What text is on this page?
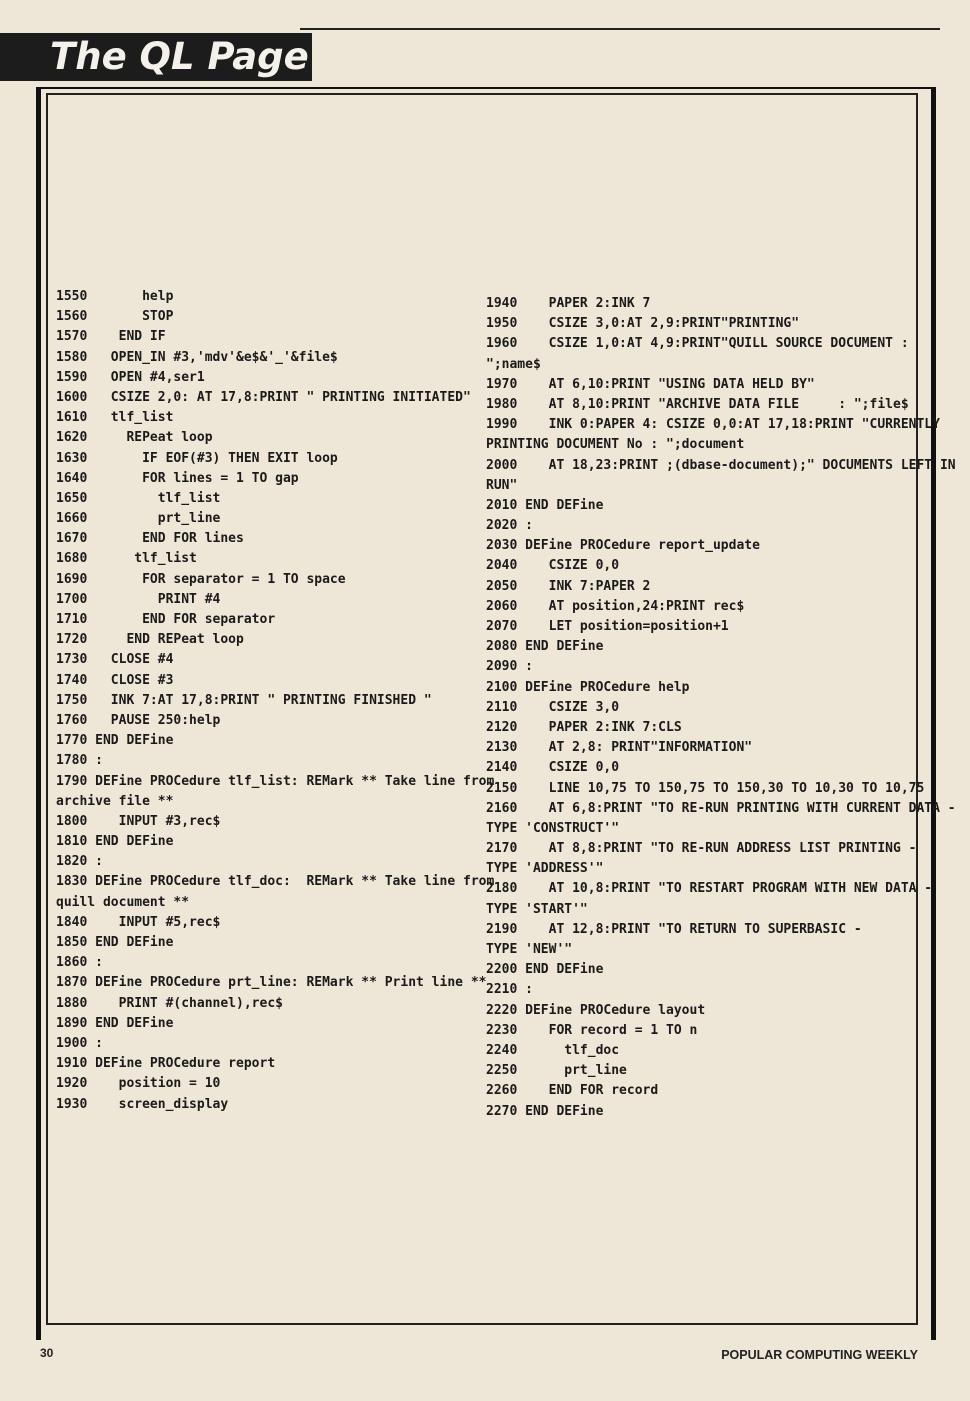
The QL Page
1550       help
1560       STOP
1570    END IF
1580   OPEN_IN #3,'mdv'&e$&'_'&file$
1590   OPEN #4,ser1
1600   CSIZE 2,0: AT 17,8:PRINT " PRINTING INITIATED"
1610   tlf_list
1620     REPeat loop
1630       IF EOF(#3) THEN EXIT loop
1640       FOR lines = 1 TO gap
1650         tlf_list
1660         prt_line
1670       END FOR lines
1680      tlf_list
1690       FOR separator = 1 TO space
1700         PRINT #4
1710       END FOR separator
1720     END REPeat loop
1730   CLOSE #4
1740   CLOSE #3
1750   INK 7:AT 17,8:PRINT " PRINTING FINISHED "
1760   PAUSE 250:help
1770 END DEFine
1780 :
1790 DEFine PROCedure tlf_list: REMark ** Take line from
archive file **
1800    INPUT #3,rec$
1810 END DEFine
1820 :
1830 DEFine PROCedure tlf_doc:  REMark ** Take line from
quill document **
1840    INPUT #5,rec$
1850 END DEFine
1860 :
1870 DEFine PROCedure prt_line: REMark ** Print line **
1880    PRINT #(channel),rec$
1890 END DEFine
1900 :
1910 DEFine PROCedure report
1920    position = 10
1930    screen_display
1940    PAPER 2:INK 7
1950    CSIZE 3,0:AT 2,9:PRINT"PRINTING"
1960    CSIZE 1,0:AT 4,9:PRINT"QUILL SOURCE DOCUMENT :
";name$
1970    AT 6,10:PRINT "USING DATA HELD BY"
1980    AT 8,10:PRINT "ARCHIVE DATA FILE     : ";file$
1990    INK 0:PAPER 4: CSIZE 0,0:AT 17,18:PRINT "CURRENTLY
PRINTING DOCUMENT No : ";document
2000    AT 18,23:PRINT ;(dbase-document);" DOCUMENTS LEFT IN
RUN"
2010 END DEFine
2020 :
2030 DEFine PROCedure report_update
2040    CSIZE 0,0
2050    INK 7:PAPER 2
2060    AT position,24:PRINT rec$
2070    LET position=position+1
2080 END DEFine
2090 :
2100 DEFine PROCedure help
2110    CSIZE 3,0
2120    PAPER 2:INK 7:CLS
2130    AT 2,8: PRINT"INFORMATION"
2140    CSIZE 0,0
2150    LINE 10,75 TO 150,75 TO 150,30 TO 10,30 TO 10,75
2160    AT 6,8:PRINT "TO RE-RUN PRINTING WITH CURRENT DATA -
TYPE 'CONSTRUCT'"
2170    AT 8,8:PRINT "TO RE-RUN ADDRESS LIST PRINTING -
TYPE 'ADDRESS'"
2180    AT 10,8:PRINT "TO RESTART PROGRAM WITH NEW DATA -
TYPE 'START'"
2190    AT 12,8:PRINT "TO RETURN TO SUPERBASIC -
TYPE 'NEW'"
2200 END DEFine
2210 :
2220 DEFine PROCedure layout
2230    FOR record = 1 TO n
2240      tlf_doc
2250      prt_line
2260    END FOR record
2270 END DEFine
30	POPULAR COMPUTING WEEKLY
